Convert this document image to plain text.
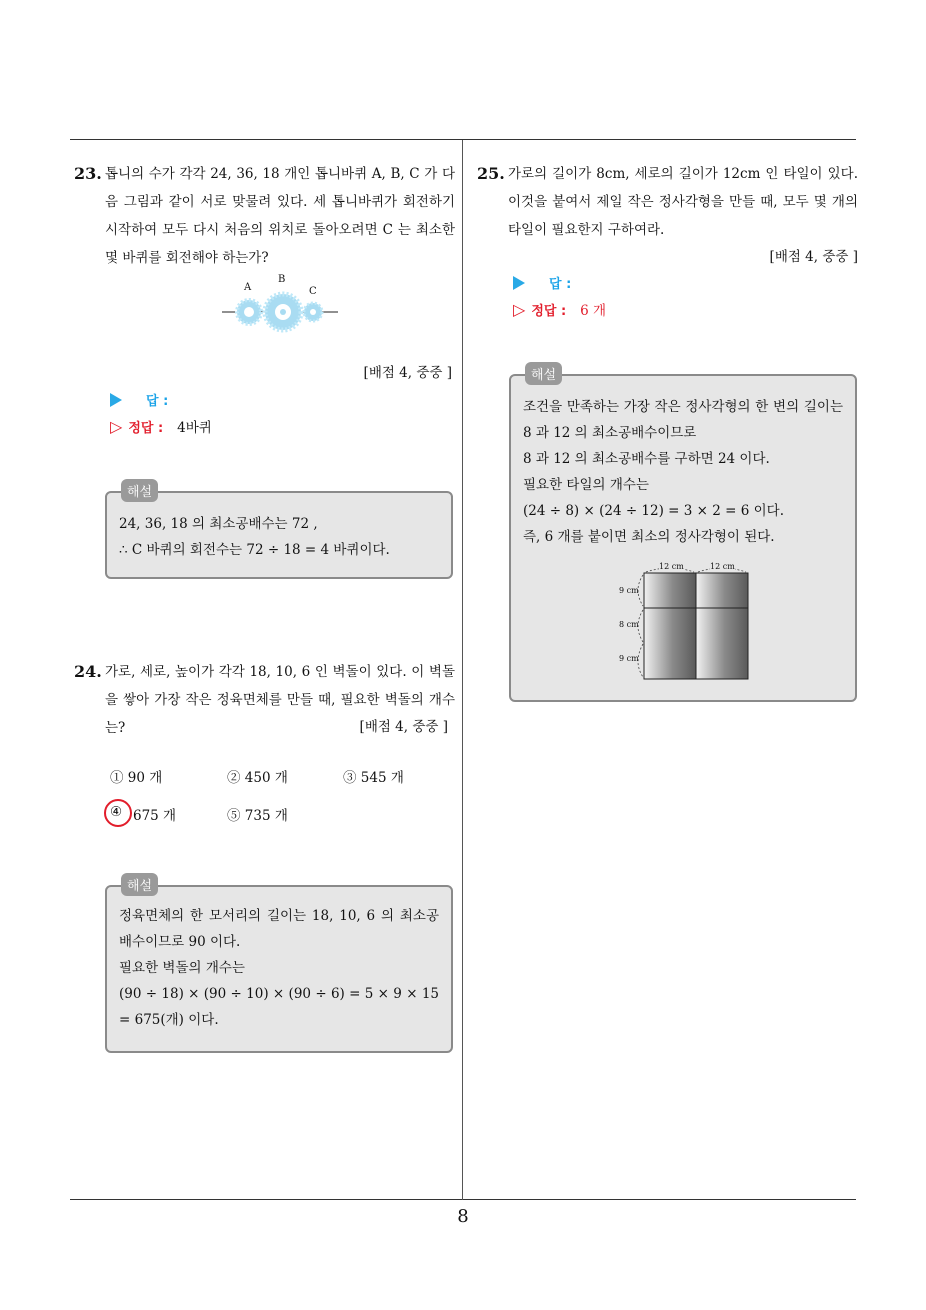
23. 톱니의 수가 각각 24, 36, 18 개인 톱니바퀴 A, B, C 가 다음 그림과 같이 서로 맞물려 있다. 세 톱니바퀴가 회전하기 시작하여 모두 다시 처음의 위치로 돌아오려면 C 는 최소한 몇 바퀴를 회전해야 하는가?
A
B
C
[배점 4, 중중 ]
답 :
▷ 정답 : 4바퀴
해설
24, 36, 18 의 최소공배수는 72 ,
∴ C 바퀴의 회전수는 72 ÷ 18 = 4 바퀴이다.
24. 가로, 세로, 높이가 각각 18, 10, 6 인 벽돌이 있다. 이 벽돌을 쌓아 가장 작은 정육면체를 만들 때, 필요한 벽돌의 개수는?	[배점 4, 중중 ]
① 90 개	② 450 개	③ 545 개
④ 675 개	⑤ 735 개
해설
정육면체의 한 모서리의 길이는 18, 10, 6 의 최소공배수이므로 90 이다.
필요한 벽돌의 개수는
(90 ÷ 18) × (90 ÷ 10) × (90 ÷ 6) = 5 × 9 × 15 = 675(개) 이다.
25. 가로의 길이가 8cm, 세로의 길이가 12cm 인 타일이 있다. 이것을 붙여서 제일 작은 정사각형을 만들 때, 모두 몇 개의 타일이 필요한지 구하여라.
[배점 4, 중중 ]
답 :
▷ 정답 : 6 개
해설
조건을 만족하는 가장 작은 정사각형의 한 변의 길이는 8 과 12 의 최소공배수이므로
8 과 12 의 최소공배수를 구하면 24 이다.
필요한 타일의 개수는
(24 ÷ 8) × (24 ÷ 12) = 3 × 2 = 6 이다.
즉, 6 개를 붙이면 최소의 정사각형이 된다.
12 cm	12 cm
9 cm
8 cm
9 cm
8
